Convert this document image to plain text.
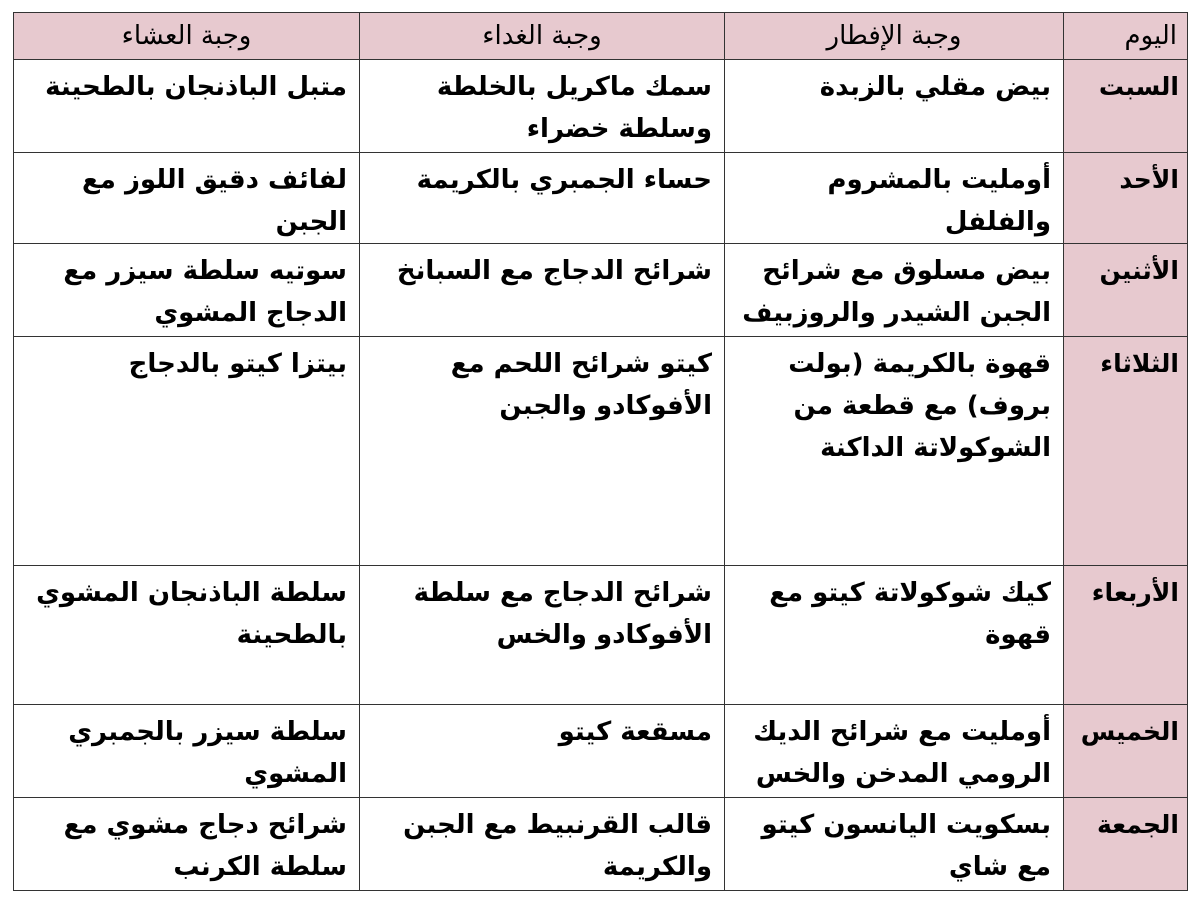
اليوم	وجبة الإفطار	وجبة الغداء	وجبة العشاء
السبت	بيض مقلي بالزبدة	سمك ماكريل بالخلطة وسلطة خضراء	متبل الباذنجان بالطحينة
الأحد	أومليت بالمشروم والفلفل	حساء الجمبري بالكريمة	لفائف دقيق اللوز مع الجبن
الأثنين	بيض مسلوق مع شرائح الجبن الشيدر والروزبيف	شرائح الدجاج مع السبانخ	سوتيه سلطة سيزر مع الدجاج المشوي
الثلاثاء	قهوة بالكريمة (بولت بروف) مع قطعة من الشوكولاتة الداكنة	كيتو شرائح اللحم مع الأفوكادو والجبن	بيتزا كيتو بالدجاج
الأربعاء	كيك شوكولاتة كيتو مع قهوة	شرائح الدجاج مع سلطة الأفوكادو والخس	سلطة الباذنجان المشوي بالطحينة
الخميس	أومليت مع شرائح الديك الرومي المدخن والخس	مسقعة كيتو	سلطة سيزر بالجمبري المشوي
الجمعة	بسكويت اليانسون كيتو مع شاي	قالب القرنبيط مع الجبن والكريمة	شرائح دجاج مشوي مع سلطة الكرنب
